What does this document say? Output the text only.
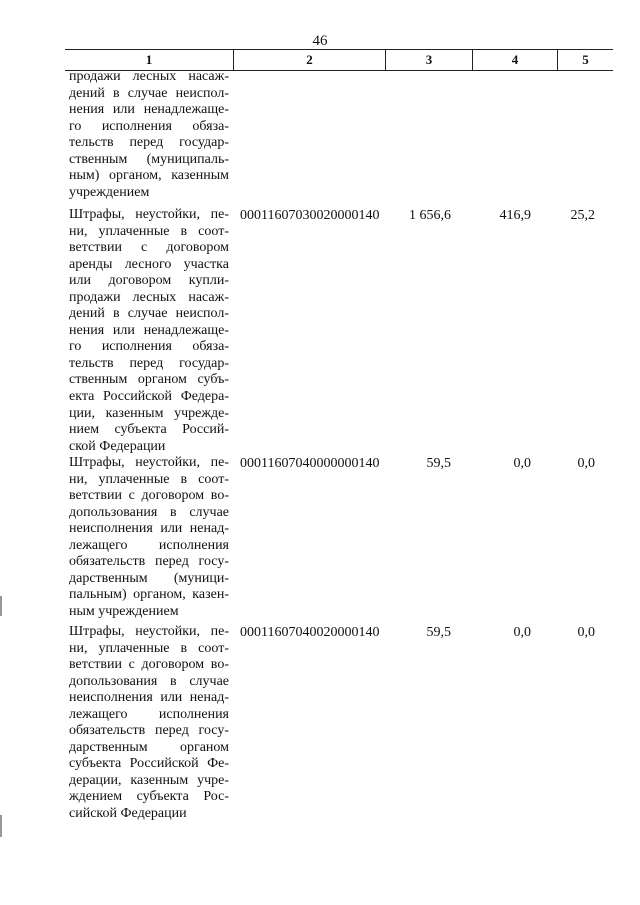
46
1	2	3	4	5
продажи лесных насаж-
дений в случае неиспол-
нения или ненадлежаще-
го исполнения обяза-
тельств перед государ-
ственным (муниципаль-
ным) органом, казенным
учреждением
Штрафы, неустойки, пе-
ни, уплаченные в соот-
ветствии с договором
аренды лесного участка
или договором купли-
продажи лесных насаж-
дений в случае неиспол-
нения или ненадлежаще-
го исполнения обяза-
тельств перед государ-
ственным органом субъ-
екта Российской Федера-
ции, казенным учрежде-
нием субъекта Россий-
ской Федерации
00011607030020000140	1 656,6	416,9	25,2
Штрафы, неустойки, пе-
ни, уплаченные в соот-
ветствии с договором во-
допользования в случае
неисполнения или ненад-
лежащего исполнения
обязательств перед госу-
дарственным (муници-
пальным) органом, казен-
ным учреждением
00011607040000000140	59,5	0,0	0,0
Штрафы, неустойки, пе-
ни, уплаченные в соот-
ветствии с договором во-
допользования в случае
неисполнения или ненад-
лежащего исполнения
обязательств перед госу-
дарственным органом
субъекта Российской Фе-
дерации, казенным учре-
ждением субъекта Рос-
сийской Федерации
00011607040020000140	59,5	0,0	0,0
